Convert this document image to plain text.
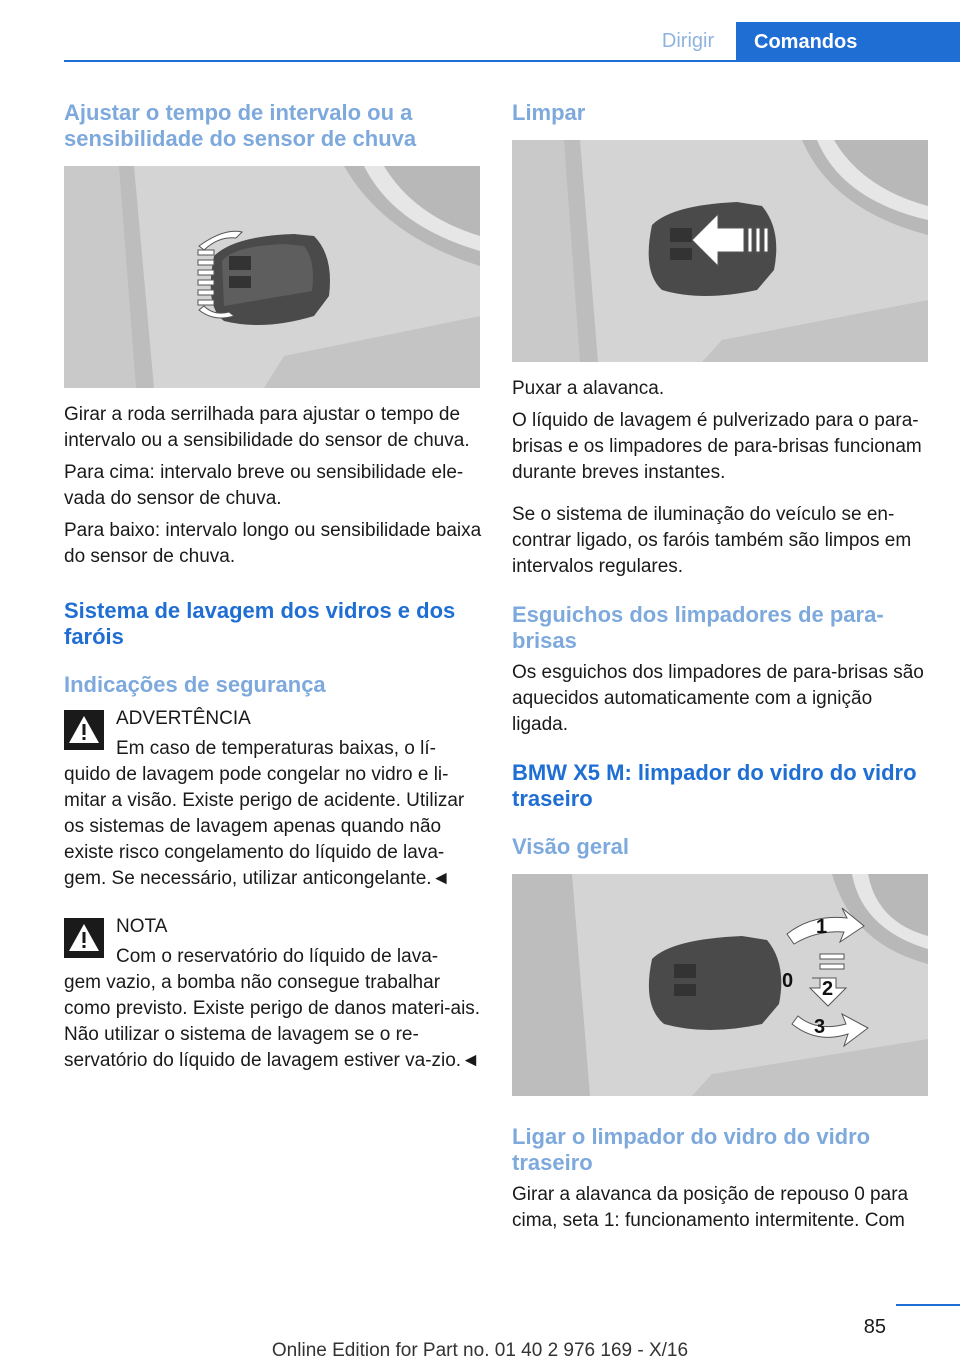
Dirigir	Comandos
Ajustar o tempo de intervalo ou a sensibilidade do sensor de chuva

Girar a roda serrilhada para ajustar o tempo de intervalo ou a sensibilidade do sensor de chuva.

Para cima: intervalo breve ou sensibilidade ele-vada do sensor de chuva.

Para baixo: intervalo longo ou sensibilidade baixa do sensor de chuva.

Sistema de lavagem dos vidros e dos faróis
Indicações de segurança

ADVERTÊNCIA

Em caso de temperaturas baixas, o lí-

quido de lavagem pode congelar no vidro e li-mitar a visão. Existe perigo de acidente. Utilizar os sistemas de lavagem apenas quando não existe risco congelamento do líquido de lava-gem. Se necessário, utilizar anticongelante.◄

NOTA

Com o reservatório do líquido de lava-

gem vazio, a bomba não consegue trabalhar como previsto. Existe perigo de danos materi-ais. Não utilizar o sistema de lavagem se o re-servatório do líquido de lavagem estiver va-zio.◄

Limpar

Puxar a alavanca.

O líquido de lavagem é pulverizado para o para-brisas e os limpadores de para-brisas funcionam durante breves instantes.

Se o sistema de iluminação do veículo se en-contrar ligado, os faróis também são limpos em intervalos regulares.

Esguichos dos limpadores de para-brisas

Os esguichos dos limpadores de para-brisas são aquecidos automaticamente com a ignição ligada.

BMW X5 M: limpador do vidro do vidro traseiro
Visão geral
0
1
2
3
Ligar o limpador do vidro do vidro traseiro

Girar a alavanca da posição de repouso 0 para cima, seta 1: funcionamento intermitente. Com

85
Online Edition for Part no. 01 40 2 976 169 - X/16
